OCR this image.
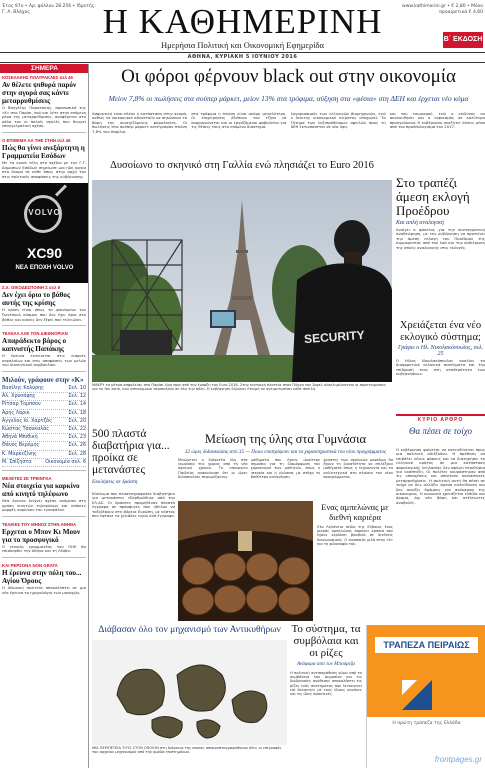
Έτος 97ο • Αρ. φύλλου 28.256 • Ιδρυτής: Γ. Α. Βλάχος	Η ΚΑΘΗΜΕΡΙΝΗ	www.kathimerini.gr • € 2,80 • Μόνο προαιρετικά € 4,60
Β΄ ΕΚΔΟΣΗ
Ημερήσια Πολιτική και Οικονομική Εφημερίδα
ΑΘΗΝΑ, ΚΥΡΙΑΚΗ 5 ΙΟΥΝΙΟΥ 2016
ΣΗΜΕΡΑ
ΚΟΣΕΛΑΚΗΣ ΠΟΛΥΡΑΚΛΕΣ σελ 46
Αν θέλετε ψιθυρά παρόν στην αγορά σας κάντε μεταρρυθμίσεις
Ο Βαγγέλης Παρατακής, προσωπικό της «Κ» στο Παρίσι, πού και λέτε στην επόμενη μέρα της μεταρρύθμισης, αναφέρεται στο ρόλο του οι παλιές σχολές που θεωρεί επαγγελματική σχέση.
Ο ΕΠΙΘΕΜΑ ΛΑ ΤΗΕ ΣΤΗΝ σελ 46
Πώς θα γίνει ανεξάρτητη η Γραμματεία Εσόδων
Με τα κοινά τέλη στο σχέδιο με την Γ.Γ. Δημοσίων Εσόδων σημείωσε μια ήδη αργία στο όνομα σε κάθε όπως στην αρχή του στις πολιτικές αποφάσεις της κυβέρνησης.
VOLVO
XC90
ΝΕΑ ΕΠΟΧΗ VOLVO
Σ.Χ. ΟΙΚΟΔΕΣΠΟΙΝΗ Σ σελ 8
Δεν έχει όριο το βάθος αυτής της κρίσης
Η κρίση είναι όπως τα φαινόμενα του ζωντανού κόσμου που δεν έχει όριο στο βάθος και κανείς δεν ξέρει πού τελειώνει.
ΤΕΛΝΑΛ ΑΛΕ ΤΟΝ ΔΙΕΘΝΟΡΙΑΝ
Απαράδεκτο βάρος ο καπνιστής Παπάκης
Η έρευνα εκτείνεται στις εισροές κεφαλαίων και στις αποφάσεις των μελών του διοικητικού συμβουλίου.
Μιλούν, γράφουν στην «Κ»
Βασίλης Κολύρης	Σελ. 10
Αλ. Χρυσάφης	Σελ. 12
Ρίτσαρ Τομπσον	Σελ. 14
Αρης Λαρικ	Σελ. 18
Αγγελος Ιό. Χαρτζάς	Σελ. 20
Κώστας Τσουκαλάς	Σελ. 22
Αθηνά Μπιθική	Σελ. 23
Θάνος Βερέμης	Σελ. 26
Κ. Μαρκεζίνης	Σελ. 28
Μ. Σπίζηστα	Οικονομία σελ. 6
ΜΕΛΕΤΕΣ ΣΕ ΤΡΕΙΝΓΚΑ
Νέα στοιχεία για καρκίνο από κινητό τηλέφωνο
Νέα έρευνα δείχνει σχέση ανάμεσα στη χρήση κινητών τηλεφώνων και κάποιες μορφές καρκίνου του εγκεφάλου.
ΤΕΛΙΚΕΣ ΤΟΥ ΜΗΝΟΣ ΣΤΗΝ ΑΘΗΝΑ
Ερχεται ο Μπον Κι Μουν για το προσφυγικό
Ο γενικός γραμματέας του ΟΗΕ θα επισκεφθεί την Αθήνα και τη Λέσβο.
ΚΑΙ ΡΕΡΣΟΝΑ ΝΟΝ GRATA
Η έρευνα στην πόλη του... Αγίου Όρους
Η Αθωνική πολιτεία αποκαλύπτει σε μια νέα έρευνα το ημερολόγιο των μοναχών.
Οι φόροι φέρνουν black out στην οικονομία
Μείον 7,8% οι πωλήσεις στα σούπερ μάρκετ, μείον 13% στα τρόφιμα, αύξηση στα «φέσια» στη ΔΕΗ και έρχεται νέο κύμα
Ασφυκτική είναι πλέον η κατάσταση στην αγορά, καθώς τα νοικοκυριά αδυνατούν να σηκώσουν τα βάρη της συνεχιζόμενης φορολογίας. Οι πωλήσεις στα σούπερ μάρκετ κατέγραψαν πτώση 7,8% τον Απρίλιο.
στα τρόφιμα η πτώση είναι ακόμη μεγαλύτερη. Οι επιχειρήσεις βλέπουν τον τζίρο να συρρικνώνεται και οι εργαζόμενοι φοβούνται για τις θέσεις τους στο επόμενο διάστημα.
λογαριασμούς των ελληνικών βιομηχανιών, ενώ ο δείκτης οικονομικού κλίματος υποχωρεί. Το ζήτημα των ληξιπρόθεσμων οφειλών προς τη ΔΕΗ εκτινάσσεται σε νέα ύψη.
και του τουρισμού, ενώ ο κίνδυνος να ακολουθήσει και ο ενφιασμός σε καλύτερα προηγούμενα. Η κυβέρνηση αναζητεί λύσεις μέσα από τον προϋπολογισμό του 2017.
Δυσοίωνο το σκηνικό στη Γαλλία ενώ πλησιάζει το Euro 2016
SECURITY
ΜΑΚΡΥ τα μέτρα ασφαλείας στο Παρίσι λίγο πριν από την έναρξη του Euro 2016. Στην κεντρική πλατεία στον Πύργο του Άιφελ ολοκληρώνονται οι προετοιμασίες για τη fan zone, ενώ αστυνομικοί περιπολούν σε όλη την πόλη. Η κυβέρνηση δηλώνει έτοιμη να αντιμετωπίσει κάθε απειλή.
Στο τραπέζι άμεση εκλογή Προέδρου
Και απλή αναλογική
Ανοίγει ο φάκελος για την συνταγματική αναθεώρηση, με την κυβέρνηση να προτείνει την άμεση εκλογή του Προέδρου της Δημοκρατίας από τον λαό και την καθιέρωση της απλής αναλογικής στις εκλογές.
Χρειάζεται ένα νέο εκλογικό σύστημα;
Γράφει ο Ηλ. Νικολακόπουλος, σελ. 25
Ο Ηλίας Νικολακόπουλος αναλύει τα διαφορετικά εκλογικά συστήματα και την επίδρασή τους στη σταθερότητα των κυβερνήσεων.
ΚΥΡΙΟ ΑΡΘΡΟ
Θα πέσει σε τοίχο
Η κυβέρνηση φαίνεται να κατευθύνεται προς μια πολιτική αδιέξοδου. Η πρόθεση να επιβάλει νέους φόρους και να διατηρήσει το ελληνικό κράτος σε μια κατάσταση φορολογικής λεηλασίας δεν αφήνει περιθώρια για ανάπτυξη. Οι πολίτες κουράστηκαν από τις υποσχέσεις και απαιτούν ουσιαστικές μεταρρυθμίσεις. Η πολιτική αυτή θα πέσει σε τοίχο αν δεν αλλάξει άμεσα κατεύθυνση και δεν ανοίξει δρόμους για ανάκαμψη της οικονομίας. Η κοινωνία χρειάζεται ελπίδα και όραμα, όχι νέα βάρη και ατέλειωτες αναβολές.
500 πλαστά διαβατήρια για... προίκα σε μετανάστες
Εκκλήσεις σε δράστη
Κύκλωμα που πλαστογραφούσε διαβατήρια για μετανάστες εξαρθρώθηκε από την ΕΛ.ΑΣ. Οι δράστες προμήθευαν πλαστά έγγραφα σε πρόσφυγες που ήθελαν να ταξιδέψουν στη βόρεια Ευρώπη, με κόστος που έφτανε τα χιλιάδες ευρώ ανά έγγραφο.
Μείωση της ύλης στα Γυμνάσια
32 ώρες διδασκαλίας από 35 — Ποιοι επιστρέφουν και τα χαρακτηριστικά του νέου προγράμματος
Μειώνεται η διδακτέα ύλη στα γυμνάσια της χώρας από τη νέα σχολική χρονιά. Το υπουργείο Παιδείας ανακοίνωσε ότι οι ώρες διδασκαλίας περιορίζονται.
μαθήματα που έχουν ιδιαίτερη σημασία για τη διαμόρφωση του χαρακτήρα των μαθητών, όπως η ιστορία και η γλώσσα, με στόχο τη βαθύτερη κατανόηση.
χρήστες των σχολικών μονάδων θα έχουν τη δυνατότητα να επιλέξουν μαθήματα όπως η τεχνολογία και τα καλλιτεχνικά στο πλαίσιο του νέου προγράμματος.
Ενας αμπελώνας με διεθνή καριέρα
Στο Ληλάντιο πεδίο της Εύβοιας ένας μικρός αμπελώνας παράγει κρασιά που έχουν κερδίσει βραβεία σε διεθνείς διαγωνισμούς. Ο οινοποιός μιλά στην «Κ» για τη φιλοσοφία του.
Διάβασαν όλο τον μηχανισμό των Αντικυθήρων
ΜΙΑ ΠΕΡΙΠΕΤΕΙΑ ΤΟΥΣ ΣΤΟΝ ΟΠΟΙΟΝ στη διάρκεια της οποίας αποκρυπτογραφήθηκαν όλες οι επιγραφές του αρχαίου μηχανισμού από την ομάδα επιστημόνων.
Το σύστημα, τα συμβόλαια και οι ρίζες
Ανάφορα από τον Μπούρτζα
Η πολιτική αντιπαράθεση γύρω από τα συμβόλαια του Δημοσίου και τις διαδικασίες ανάθεσης αποκαλύπτει τις ρίζες ενός συστήματος που λειτουργεί επί δεκαετίες με τους ίδιους κανόνες και τις ίδιες πρακτικές.
ΤΡΑΠΕΖΑ ΠΕΙΡΑΙΩΣ
Η πρώτη τράπεζα της Ελλάδα
frontpages.gr
